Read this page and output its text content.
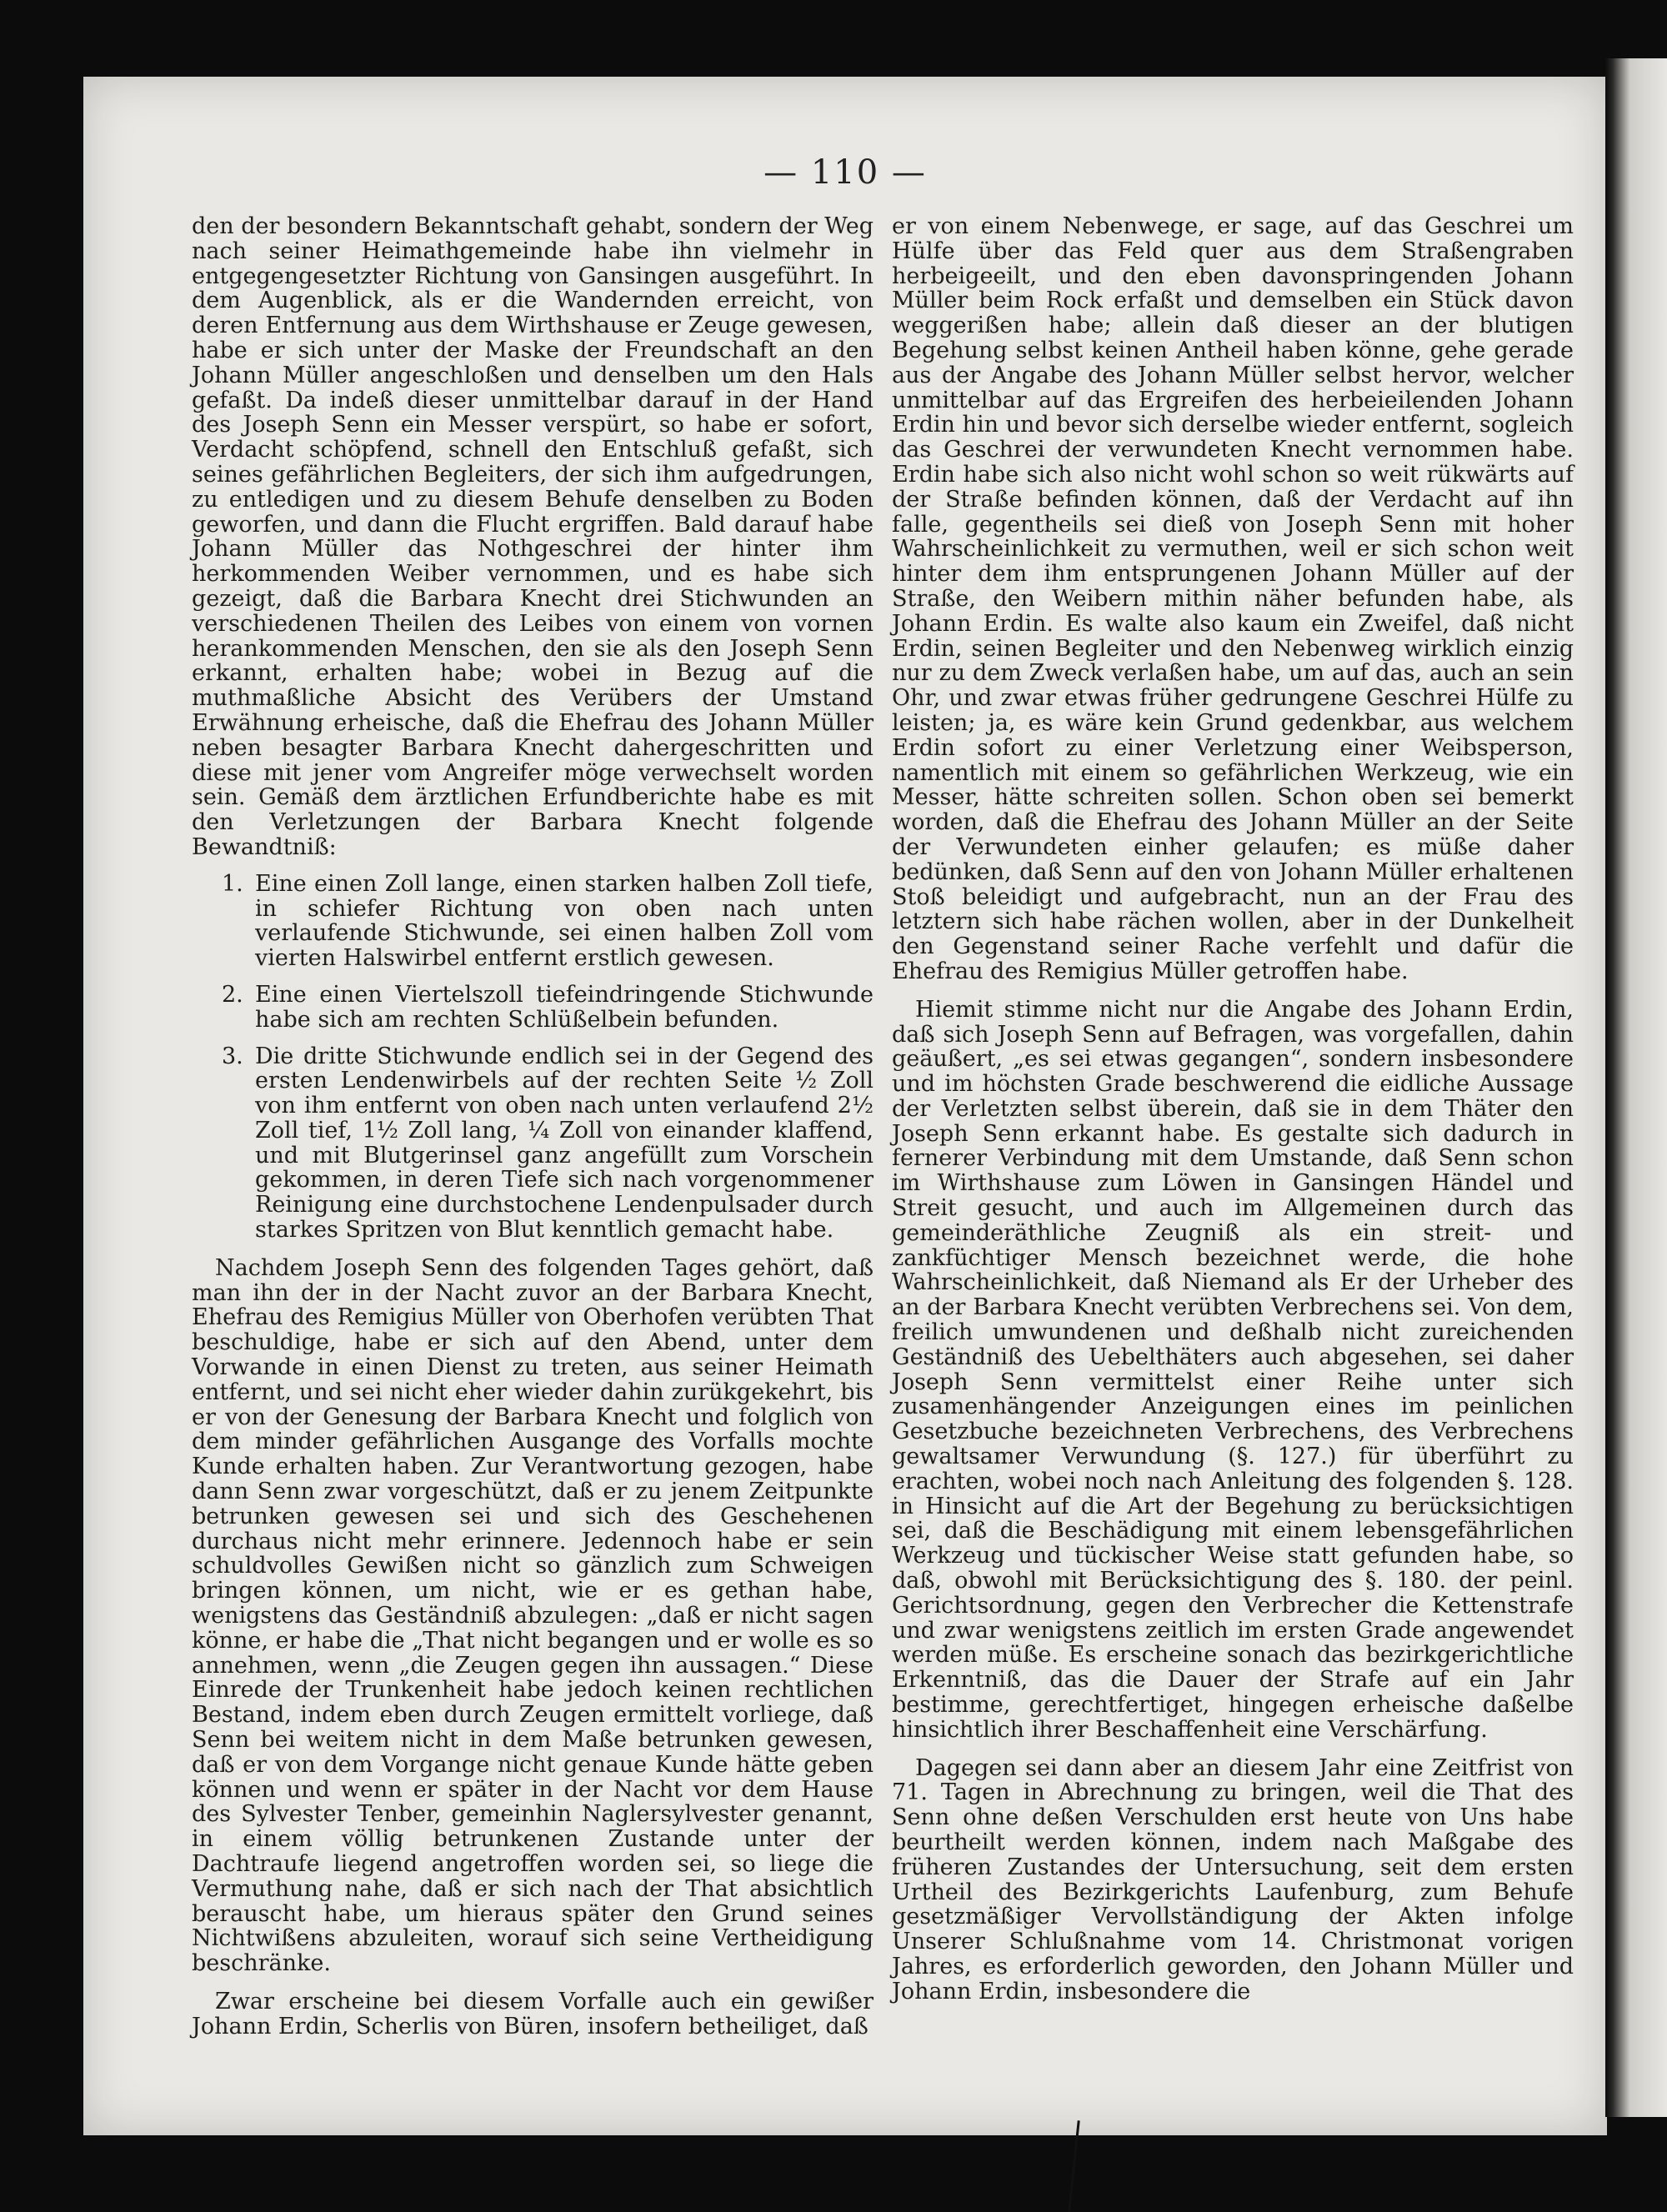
— 110 —

den der besondern Bekanntschaft gehabt, sondern der Weg nach seiner Heimathgemeinde habe ihn vielmehr in entgegengesetzter Richtung von Gansingen ausgeführt. In dem Augenblick, als er die Wandernden erreicht, von deren Entfernung aus dem Wirthshause er Zeuge gewesen, habe er sich unter der Maske der Freundschaft an den Johann Müller angeschloßen und denselben um den Hals gefaßt. Da indeß dieser unmittelbar darauf in der Hand des Joseph Senn ein Messer verspürt, so habe er sofort, Verdacht schöpfend, schnell den Entschluß gefaßt, sich seines gefährlichen Begleiters, der sich ihm aufgedrungen, zu entledigen und zu diesem Behufe denselben zu Boden geworfen, und dann die Flucht ergriffen. Bald darauf habe Johann Müller das Nothgeschrei der hinter ihm herkommenden Weiber vernommen, und es habe sich gezeigt, daß die Barbara Knecht drei Stichwunden an verschiedenen Theilen des Leibes von einem von vornen herankommenden Menschen, den sie als den Joseph Senn erkannt, erhalten habe; wobei in Bezug auf die muthmaßliche Absicht des Verübers der Umstand Erwähnung erheische, daß die Ehefrau des Johann Müller neben besagter Barbara Knecht dahergeschritten und diese mit jener vom Angreifer möge verwechselt worden sein. Gemäß dem ärztlichen Erfundberichte habe es mit den Verletzungen der Barbara Knecht folgende Bewandtniß:

1. Eine einen Zoll lange, einen starken halben Zoll tiefe, in schiefer Richtung von oben nach unten verlaufende Stichwunde, sei einen halben Zoll vom vierten Halswirbel entfernt erstlich gewesen.
2. Eine einen Viertelszoll tiefeindringende Stichwunde habe sich am rechten Schlüßelbein befunden.
3. Die dritte Stichwunde endlich sei in der Gegend des ersten Lendenwirbels auf der rechten Seite ½ Zoll von ihm entfernt von oben nach unten verlaufend 2½ Zoll tief, 1½ Zoll lang, ¼ Zoll von einander klaffend, und mit Blutgerinsel ganz angefüllt zum Vorschein gekommen, in deren Tiefe sich nach vorgenommener Reinigung eine durchstochene Lendenpulsader durch starkes Spritzen von Blut kenntlich gemacht habe.

Nachdem Joseph Senn des folgenden Tages gehört, daß man ihn der in der Nacht zuvor an der Barbara Knecht, Ehefrau des Remigius Müller von Oberhofen verübten That beschuldige, habe er sich auf den Abend, unter dem Vorwande in einen Dienst zu treten, aus seiner Heimath entfernt, und sei nicht eher wieder dahin zurükgekehrt, bis er von der Genesung der Barbara Knecht und folglich von dem minder gefährlichen Ausgange des Vorfalls mochte Kunde erhalten haben. Zur Verantwortung gezogen, habe dann Senn zwar vorgeschützt, daß er zu jenem Zeitpunkte betrunken gewesen sei und sich des Geschehenen durchaus nicht mehr erinnere. Jedennoch habe er sein schuldvolles Gewißen nicht so gänzlich zum Schweigen bringen können, um nicht, wie er es gethan habe, wenigstens das Geständniß abzulegen: „daß er nicht sagen könne, er habe die „That nicht begangen und er wolle es so annehmen, wenn „die Zeugen gegen ihn aussagen.“ Diese Einrede der Trunkenheit habe jedoch keinen rechtlichen Bestand, indem eben durch Zeugen ermittelt vorliege, daß Senn bei weitem nicht in dem Maße betrunken gewesen, daß er von dem Vorgange nicht genaue Kunde hätte geben können und wenn er später in der Nacht vor dem Hause des Sylvester Tenber, gemeinhin Naglersylvester genannt, in einem völlig betrunkenen Zustande unter der Dachtraufe liegend angetroffen worden sei, so liege die Vermuthung nahe, daß er sich nach der That absichtlich berauscht habe, um hieraus später den Grund seines Nichtwißens abzuleiten, worauf sich seine Vertheidigung beschränke.

Zwar erscheine bei diesem Vorfalle auch ein gewißer Johann Erdin, Scherlis von Büren, insofern betheiliget, daß

er von einem Nebenwege, er sage, auf das Geschrei um Hülfe über das Feld quer aus dem Straßengraben herbeigeeilt, und den eben davonspringenden Johann Müller beim Rock erfaßt und demselben ein Stück davon weggerißen habe; allein daß dieser an der blutigen Begehung selbst keinen Antheil haben könne, gehe gerade aus der Angabe des Johann Müller selbst hervor, welcher unmittelbar auf das Ergreifen des herbeieilenden Johann Erdin hin und bevor sich derselbe wieder entfernt, sogleich das Geschrei der verwundeten Knecht vernommen habe. Erdin habe sich also nicht wohl schon so weit rükwärts auf der Straße befinden können, daß der Verdacht auf ihn falle, gegentheils sei dieß von Joseph Senn mit hoher Wahrscheinlichkeit zu vermuthen, weil er sich schon weit hinter dem ihm entsprungenen Johann Müller auf der Straße, den Weibern mithin näher befunden habe, als Johann Erdin. Es walte also kaum ein Zweifel, daß nicht Erdin, seinen Begleiter und den Nebenweg wirklich einzig nur zu dem Zweck verlaßen habe, um auf das, auch an sein Ohr, und zwar etwas früher gedrungene Geschrei Hülfe zu leisten; ja, es wäre kein Grund gedenkbar, aus welchem Erdin sofort zu einer Verletzung einer Weibsperson, namentlich mit einem so gefährlichen Werkzeug, wie ein Messer, hätte schreiten sollen. Schon oben sei bemerkt worden, daß die Ehefrau des Johann Müller an der Seite der Verwundeten einher gelaufen; es müße daher bedünken, daß Senn auf den von Johann Müller erhaltenen Stoß beleidigt und aufgebracht, nun an der Frau des letztern sich habe rächen wollen, aber in der Dunkelheit den Gegenstand seiner Rache verfehlt und dafür die Ehefrau des Remigius Müller getroffen habe.

Hiemit stimme nicht nur die Angabe des Johann Erdin, daß sich Joseph Senn auf Befragen, was vorgefallen, dahin geäußert, „es sei etwas gegangen“, sondern insbesondere und im höchsten Grade beschwerend die eidliche Aussage der Verletzten selbst überein, daß sie in dem Thäter den Joseph Senn erkannt habe. Es gestalte sich dadurch in fernerer Verbindung mit dem Umstande, daß Senn schon im Wirthshause zum Löwen in Gansingen Händel und Streit gesucht, und auch im Allgemeinen durch das gemeinderäthliche Zeugniß als ein streit- und zankfüchtiger Mensch bezeichnet werde, die hohe Wahrscheinlichkeit, daß Niemand als Er der Urheber des an der Barbara Knecht verübten Verbrechens sei. Von dem, freilich umwundenen und deßhalb nicht zureichenden Geständniß des Uebelthäters auch abgesehen, sei daher Joseph Senn vermittelst einer Reihe unter sich zusamenhängender Anzeigungen eines im peinlichen Gesetzbuche bezeichneten Verbrechens, des Verbrechens gewaltsamer Verwundung (§. 127.) für überführt zu erachten, wobei noch nach Anleitung des folgenden §. 128. in Hinsicht auf die Art der Begehung zu berücksichtigen sei, daß die Beschädigung mit einem lebensgefährlichen Werkzeug und tückischer Weise statt gefunden habe, so daß, obwohl mit Berücksichtigung des §. 180. der peinl. Gerichtsordnung, gegen den Verbrecher die Kettenstrafe und zwar wenigstens zeitlich im ersten Grade angewendet werden müße. Es erscheine sonach das bezirkgerichtliche Erkenntniß, das die Dauer der Strafe auf ein Jahr bestimme, gerechtfertiget, hingegen erheische daßelbe hinsichtlich ihrer Beschaffenheit eine Verschärfung.

Dagegen sei dann aber an diesem Jahr eine Zeitfrist von 71. Tagen in Abrechnung zu bringen, weil die That des Senn ohne deßen Verschulden erst heute von Uns habe beurtheilt werden können, indem nach Maßgabe des früheren Zustandes der Untersuchung, seit dem ersten Urtheil des Bezirkgerichts Laufenburg, zum Behufe gesetzmäßiger Vervollständigung der Akten infolge Unserer Schlußnahme vom 14. Christmonat vorigen Jahres, es erforderlich geworden, den Johann Müller und Johann Erdin, insbesondere die
